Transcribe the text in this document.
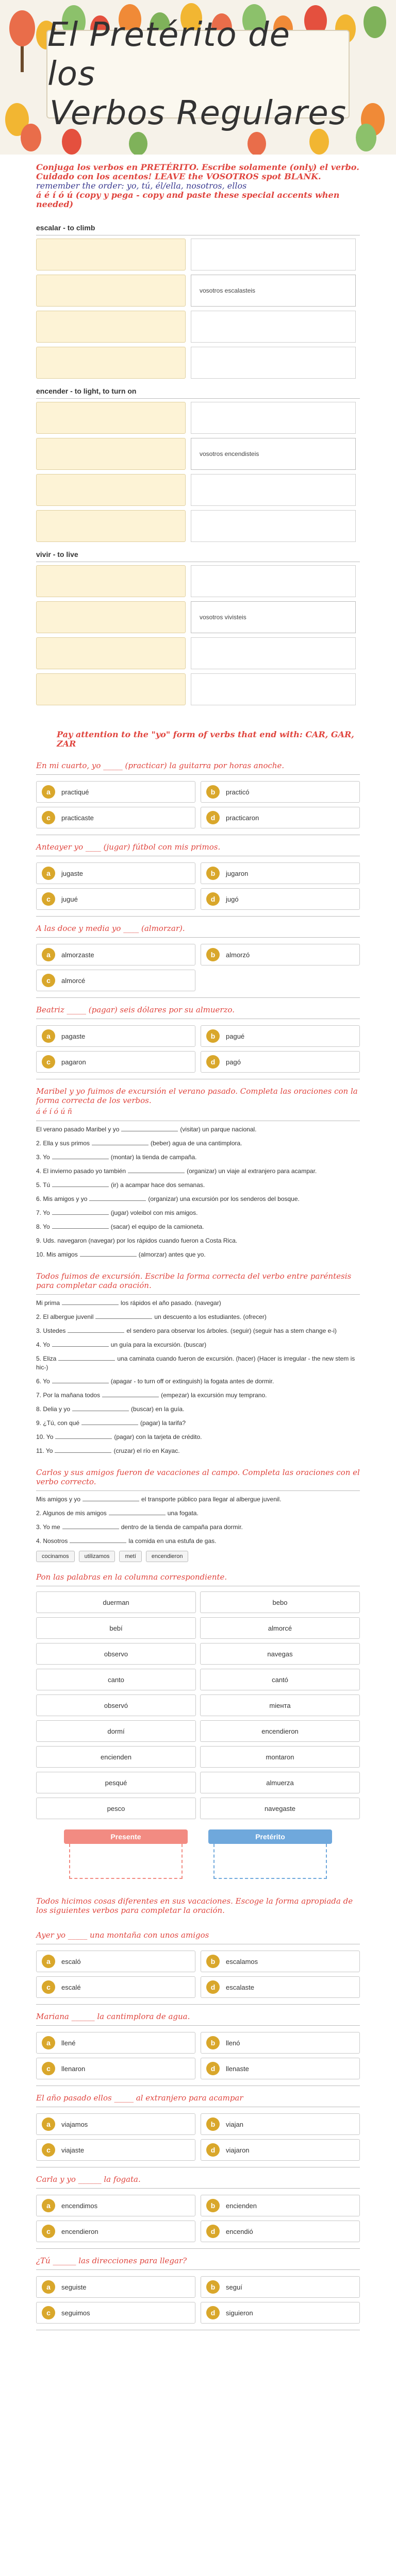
El Pretérito de los
Verbos Regulares

Conjuga los verbos en PRETÉRITO. Escribe solamente (only) el verbo. Cuidado con los acentos! LEAVE the VOSOTROS spot BLANK.

remember the order: yo, tú, él/ella, nosotros, ellos

á é í ó ú (copy y pega - copy and paste these special accents when needed)

escalar - to climb
vosotros escalasteis
encender - to light, to turn on
vosotros encendisteis
vivir - to live
vosotros vivisteis

Pay attention to the "yo" form of verbs that end with: CAR, GAR, ZAR

En mi cuarto, yo _____ (practicar) la guitarra por horas anoche.
a	practiqué	b	practicó
c	practicaste	d	practicaron
Anteayer yo ____ (jugar) fútbol con mis primos.
a	jugaste	b	jugaron
c	jugué	d	jugó
A las doce y media yo ____ (almorzar).
a	almorzaste	b	almorzó
c	almorcé
Beatriz _____ (pagar) seis dólares por su almuerzo.
a	pagaste	b	pagué
c	pagaron	d	pagó
Maribel y yo fuimos de excursión el verano pasado. Completa las oraciones con la forma correcta de los verbos.
á é í ó ú ñ
El verano pasado Maribel y yo	(visitar) un parque nacional.
2. Ella y sus primos	(beber) agua de una cantimplora.
3. Yo	(montar) la tienda de campaña.
4. El invierno pasado yo también	(organizar) un viaje al extranjero para acampar.
5. Tú	(ir) a acampar hace dos semanas.
6. Mis amigos y yo	(organizar) una excursión por los senderos del bosque.
7. Yo	(jugar) voleibol con mis amigos.
8. Yo	(sacar) el equipo de la camioneta.
9. Uds. navegaron (navegar) por los rápidos cuando fueron a Costa Rica.
10. Mis amigos	(almorzar) antes que yo.
Todos fuimos de excursión. Escribe la forma correcta del verbo entre paréntesis para completar cada oración.
Mi prima	los rápidos el año pasado. (navegar)
2. El albergue juvenil	un descuento a los estudiantes. (ofrecer)
3. Ustedes	el sendero para observar los árboles. (seguir) (seguir has a stem change e-i)
4. Yo	un guía para la excursión. (buscar)
5. Eliza	una caminata cuando fueron de excursión. (hacer) (Hacer is irregular - the new stem is hic-)
6. Yo	(apagar - to turn off or extinguish) la fogata antes de dormir.
7. Por la mañana todos	(empezar) la excursión muy temprano.
8. Delia y yo	(buscar) en la guía.
9. ¿Tú, con qué	(pagar) la tarifa?
10. Yo	(pagar) con la tarjeta de crédito.
11. Yo	(cruzar) el río en Kayac.
Carlos y sus amigos fueron de vacaciones al campo. Completa las oraciones con el verbo correcto.
Mis amigos y yo	el transporte público para llegar al albergue juvenil.
2. Algunos de mis amigos	una fogata.
3. Yo me	dentro de la tienda de campaña para dormir.
4. Nosotros	la comida en una estufa de gas.
cocinamos	utilizamos	metí	encendieron
Pon las palabras en la columna correspondiente.
duerman	bebo
bebí	almorcé
observo	navegas
canto	cantó
observó	miента
dormí	encendieron
encienden	montaron
pesqué	almuerza
pesco	navegaste
Presente	Pretérito
Todos hicimos cosas diferentes en sus vacaciones. Escoge la forma apropiada de los siguientes verbos para completar la oración.
Ayer yo _____ una montaña con unos amigos
a	escaló	b	escalamos
c	escalé	d	escalaste
Mariana ______ la cantimplora de agua.
a	llené	b	llenó
c	llenaron	d	llenaste
El año pasado ellos _____ al extranjero para acampar
a	viajamos	b	viajan
c	viajaste	d	viajaron
Carla y yo ______ la fogata.
a	encendimos	b	encienden
c	encendieron	d	encendió
¿Tú ______ las direcciones para llegar?
a	seguiste	b	seguí
c	seguimos	d	siguieron
